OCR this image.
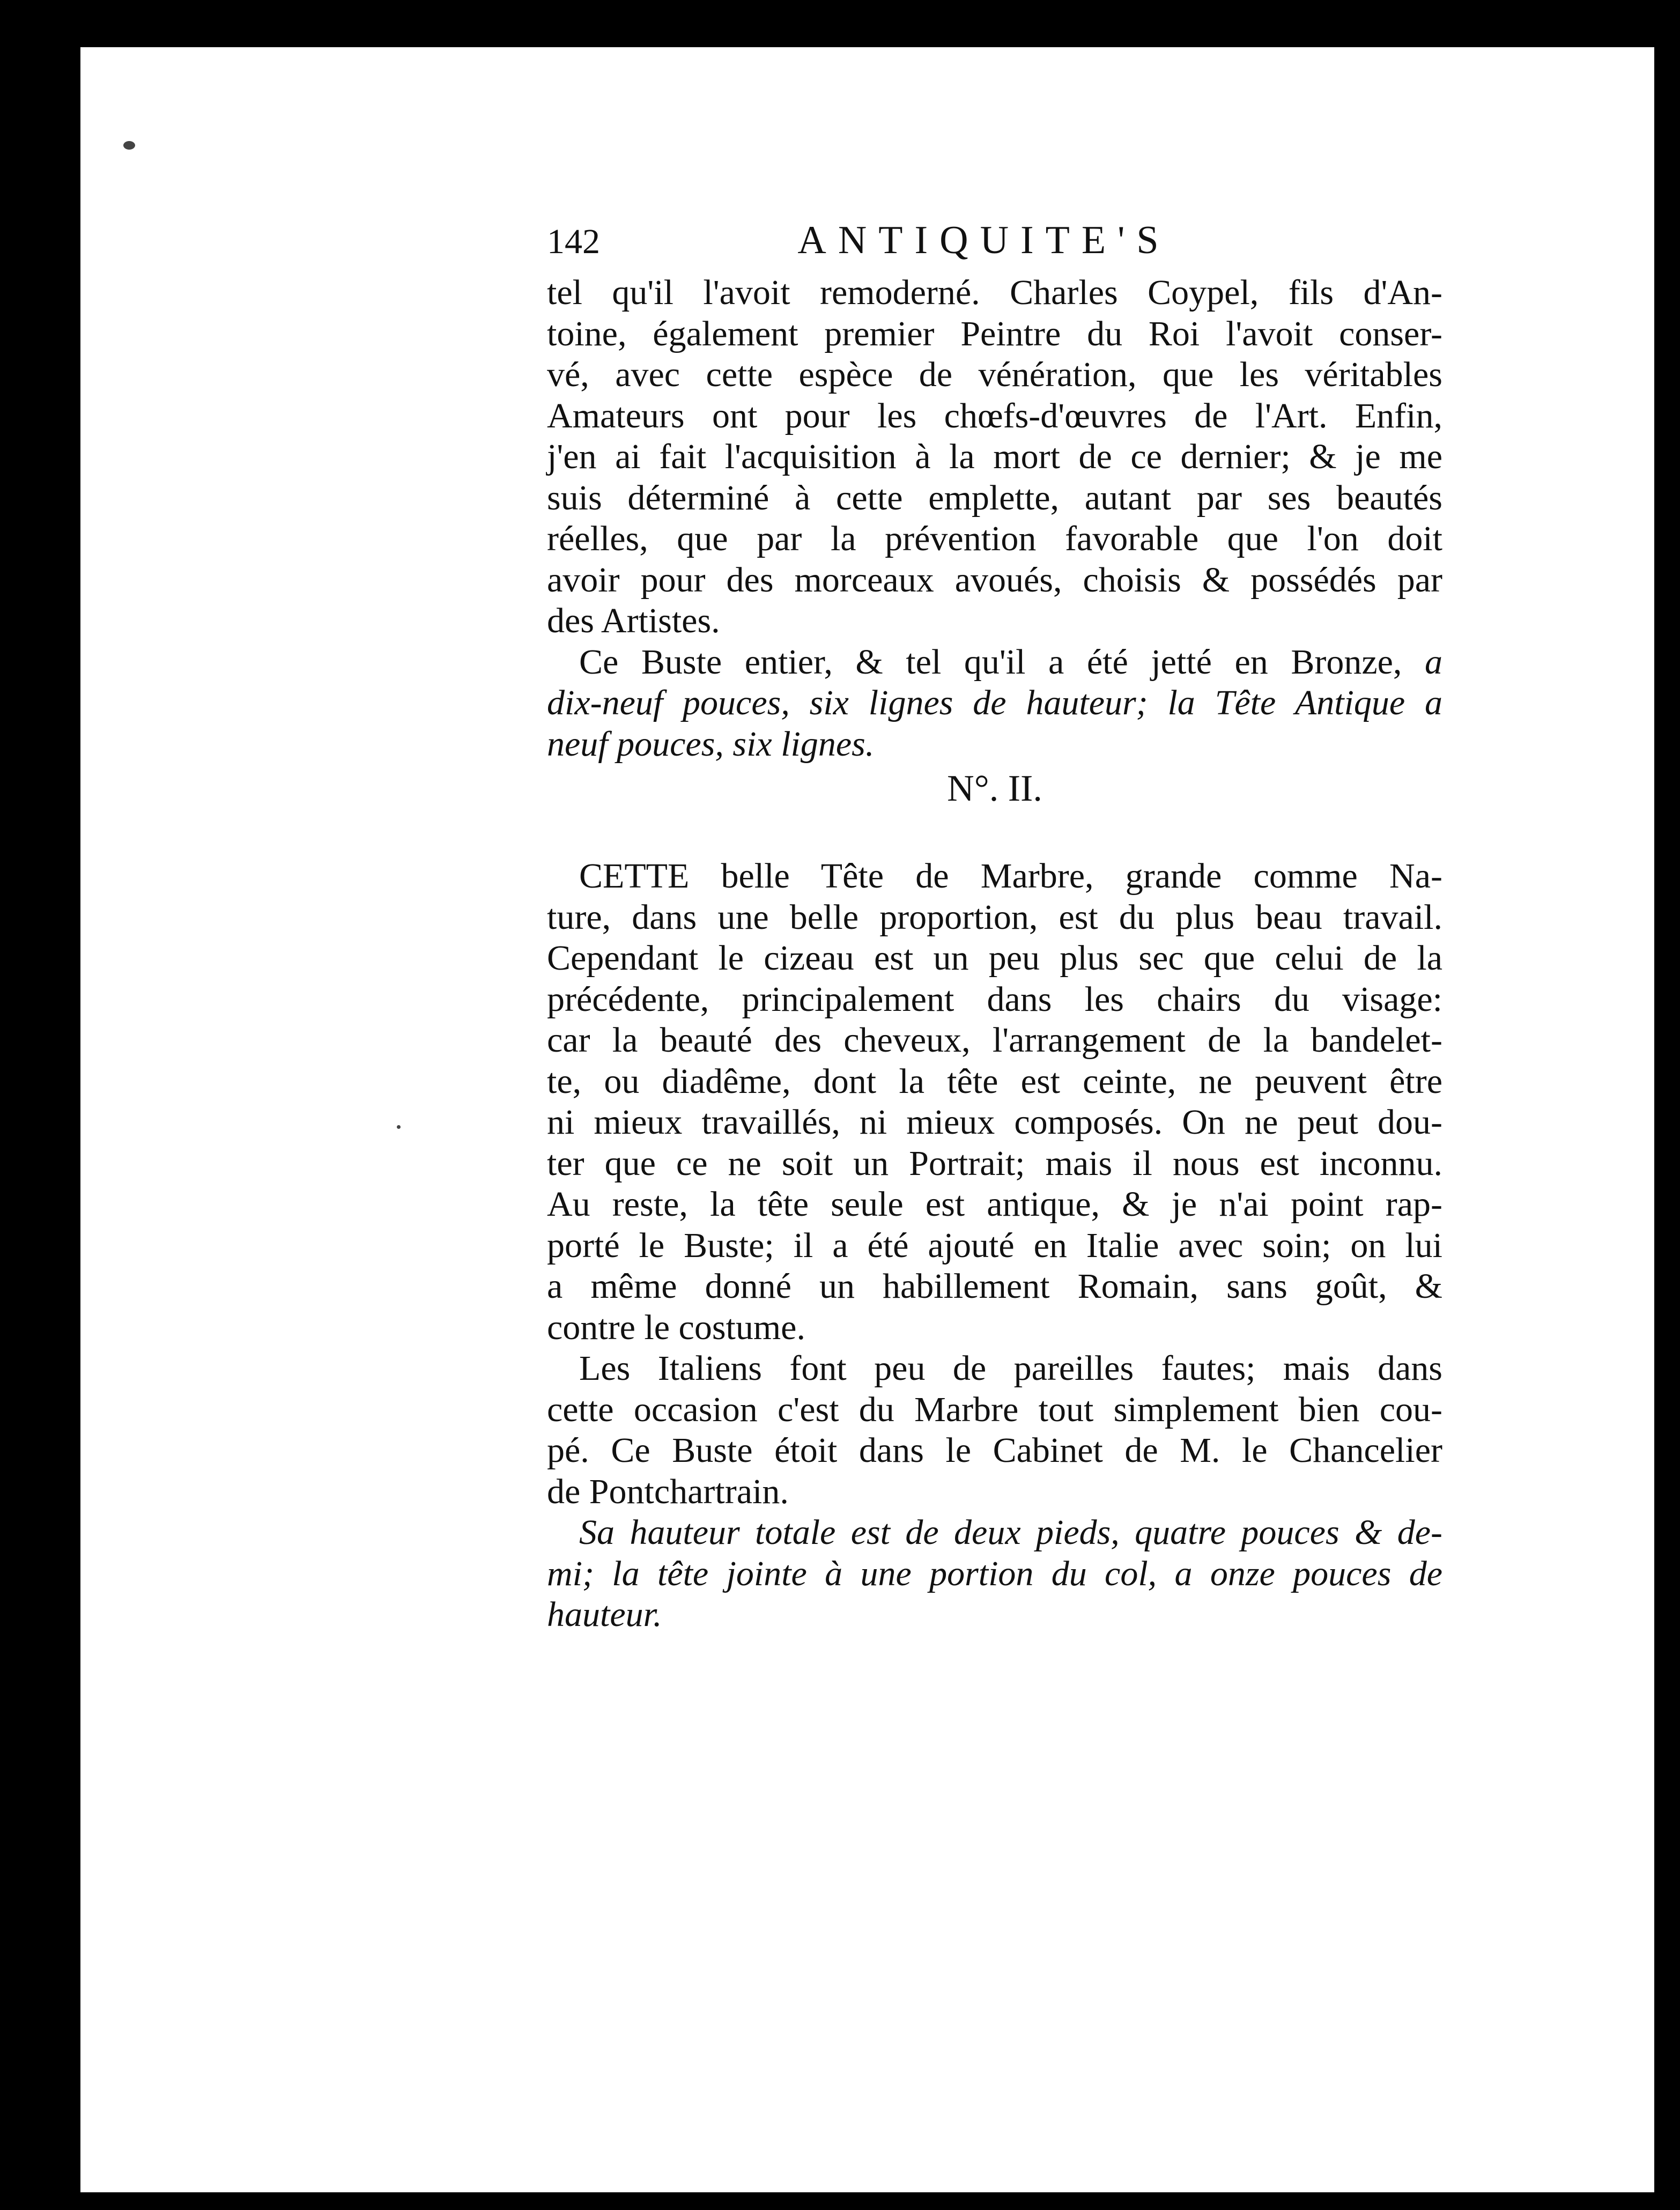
142	ANTIQUITE'S
tel qu'il l'avoit remoderné. Charles Coypel, fils d'An-
toine, également premier Peintre du Roi l'avoit conser-
vé, avec cette espèce de vénération, que les véritables
Amateurs ont pour les chœfs-d'œuvres de l'Art. Enfin,
j'en ai fait l'acquisition à la mort de ce dernier; & je me
suis déterminé à cette emplette, autant par ses beautés
réelles, que par la prévention favorable que l'on doit
avoir pour des morceaux avoués, choisis & possédés par
des Artistes.
Ce Buste entier, & tel qu'il a été jetté en Bronze, a
dix-neuf pouces, six lignes de hauteur; la Tête Antique a
neuf pouces, six lignes.
N°. II.
CETTE belle Tête de Marbre, grande comme Na-
ture, dans une belle proportion, est du plus beau travail.
Cependant le cizeau est un peu plus sec que celui de la
précédente, principalement dans les chairs du visage:
car la beauté des cheveux, l'arrangement de la bandelet-
te, ou diadême, dont la tête est ceinte, ne peuvent être
ni mieux travaillés, ni mieux composés. On ne peut dou-
ter que ce ne soit un Portrait; mais il nous est inconnu.
Au reste, la tête seule est antique, & je n'ai point rap-
porté le Buste; il a été ajouté en Italie avec soin; on lui
a même donné un habillement Romain, sans goût, &
contre le costume.
Les Italiens font peu de pareilles fautes; mais dans
cette occasion c'est du Marbre tout simplement bien cou-
pé. Ce Buste étoit dans le Cabinet de M. le Chancelier
de Pontchartrain.
Sa hauteur totale est de deux pieds, quatre pouces & de-
mi; la tête jointe à une portion du col, a onze pouces de
hauteur.
